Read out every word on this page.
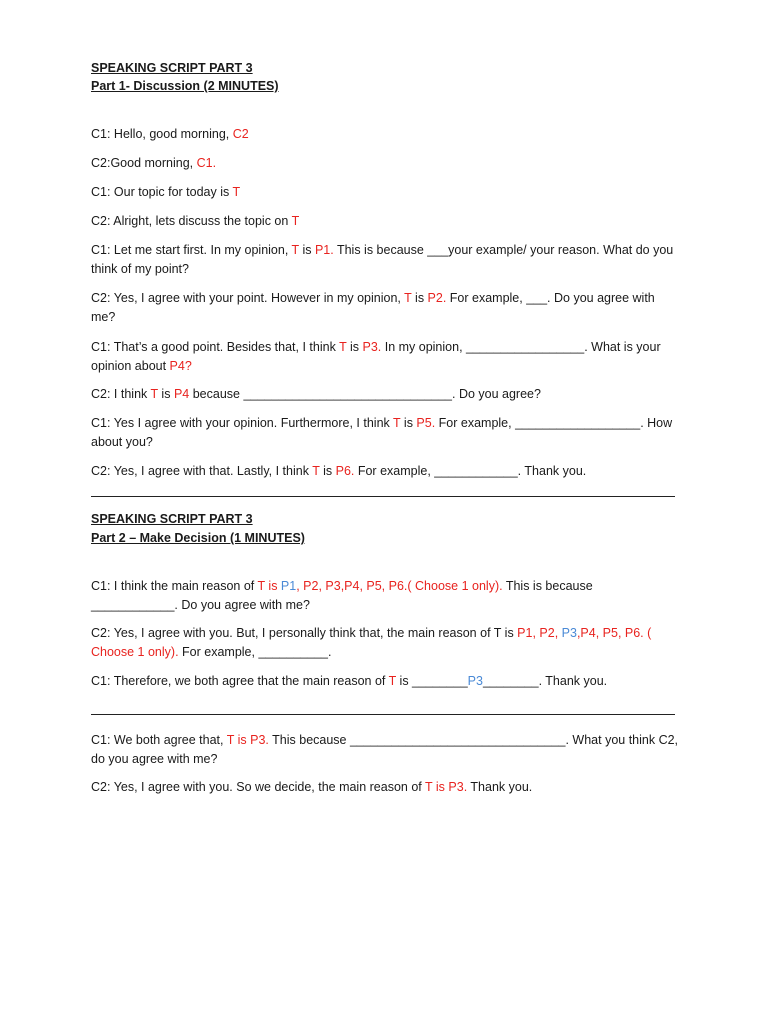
SPEAKING SCRIPT PART 3
Part 1- Discussion (2 MINUTES)
C1: Hello, good morning, C2
C2:Good morning, C1.
C1: Our topic for today is T
C2: Alright, lets discuss the topic on T
C1: Let me start first. In my opinion, T is P1. This is because ___your example/ your reason. What do you think of my point?
C2: Yes, I agree with your point. However in my opinion, T is P2. For example, ___. Do you agree with me?
C1: That’s a good point. Besides that, I think T is P3. In my opinion, _________________. What is your opinion about P4?
C2: I think T is P4 because ______________________________. Do you agree?
C1: Yes I agree with your opinion. Furthermore, I think T is P5. For example, __________________. How about you?
C2: Yes, I agree with that. Lastly, I think T is P6. For example, ____________. Thank you.
SPEAKING SCRIPT PART 3
Part 2 – Make Decision (1 MINUTES)
C1: I think the main reason of T is P1, P2, P3,P4, P5, P6.( Choose 1 only). This is because ____________. Do you agree with me?
C2: Yes, I agree with you. But, I personally think that, the main reason of T is P1, P2, P3,P4, P5, P6. ( Choose 1 only). For example, __________.
C1: Therefore, we both agree that the main reason of T is ________P3________. Thank you.
C1: We both agree that, T is P3. This because _______________________________. What you think C2, do you agree with me?
C2: Yes, I agree with you. So we decide, the main reason of T is P3. Thank you.
